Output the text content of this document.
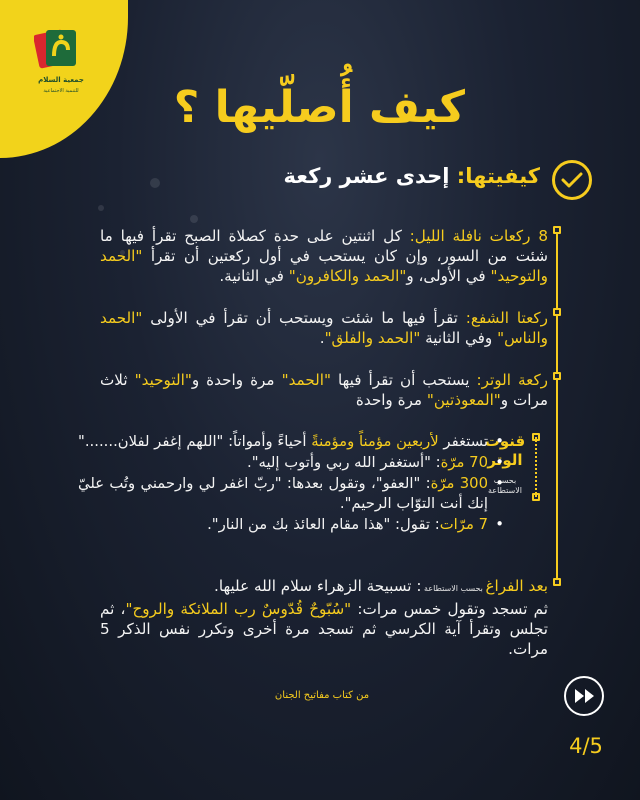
جمعية السلام
للتنمية الاجتماعية	كيف أُصلّيها ؟
كيفيتها: إحدى عشر ركعة
8 ركعات نافلة الليل: كل اثنتين على حدة كصلاة الصبح تقرأ فيها ما شئت من السور، وإن كان يستحب في أول ركعتين أن تقرأ "الحمد والتوحيد" في الأولى، و"الحمد والكافرون" في الثانية.
ركعتا الشفع: تقرأ فيها ما شئت ويستحب أن تقرأ في الأولى "الحمد والناس" وفي الثانية "الحمد والفلق".
ركعة الوتر: يستحب أن تقرأ فيها "الحمد" مرة واحدة و"التوحيد" ثلاث مرات و"المعوذتين" مرة واحدة
قنوت الوتر
بحسب الاستطاعة
• تستغفر لأربعين مؤمناً ومؤمنةً أحياءً وأمواتاً: "اللهم إغفر لفلان......."
• 70 مرّة: "أستغفر الله ربي وأتوب إليه".
• 300 مرّة: "العفو"، وتقول بعدها: "ربّ اغفر لي وارحمني وتُب عليّ إنك أنت التوّاب الرحيم".
• 7 مرّات: تقول: "هذا مقام العائذ بك من النار".
بعد الفراغ بحسب الاستطاعة : تسبيحة الزهراء سلام الله عليها.
ثم تسجد وتقول خمس مرات: "سُبّوحٌ قُدّوسٌ رب الملائكة والروح"، ثم تجلس وتقرأ آية الكرسي ثم تسجد مرة أخرى وتكرر نفس الذكر 5 مرات.
من كتاب مفاتيح الجنان
4/5
